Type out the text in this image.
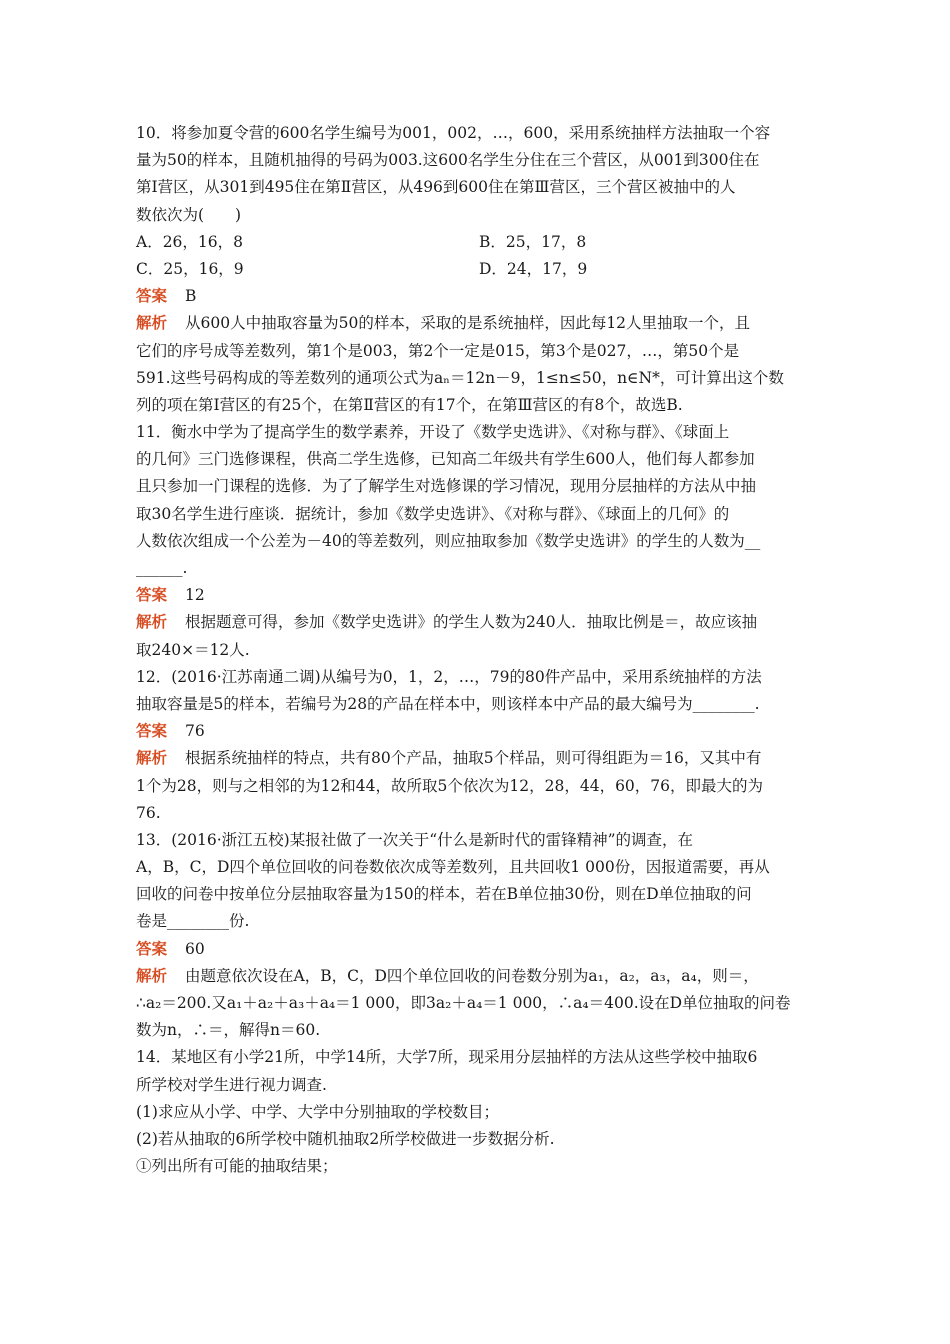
10．将参加夏令营的600名学生编号为001，002，…，600，采用系统抽样方法抽取一个容
量为50的样本，且随机抽得的号码为003.这600名学生分住在三个营区，从001到300住在
第Ⅰ营区，从301到495住在第Ⅱ营区，从496到600住在第Ⅲ营区，三个营区被抽中的人
数依次为(　　)
A．26，16，8	B．25，17，8
C．25，16，9	D．24，17，9
答案 B
解析 从600人中抽取容量为50的样本，采取的是系统抽样，因此每12人里抽取一个，且
它们的序号成等差数列，第1个是003，第2个一定是015，第3个是027，…，第50个是
591.这些号码构成的等差数列的通项公式为aₙ＝12n－9，1≤n≤50，n∈N*，可计算出这个数
列的项在第Ⅰ营区的有25个，在第Ⅱ营区的有17个，在第Ⅲ营区的有8个，故选B.
11．衡水中学为了提高学生的数学素养，开设了《数学史选讲》、《对称与群》、《球面上
的几何》三门选修课程，供高二学生选修，已知高二年级共有学生600人，他们每人都参加
且只参加一门课程的选修．为了了解学生对选修课的学习情况，现用分层抽样的方法从中抽
取30名学生进行座谈．据统计，参加《数学史选讲》、《对称与群》、《球面上的几何》的
人数依次组成一个公差为－40的等差数列，则应抽取参加《数学史选讲》的学生的人数为__
______.
答案 12
解析 根据题意可得，参加《数学史选讲》的学生人数为240人．抽取比例是＝，故应该抽
取240×＝12人.
12．(2016·江苏南通二调)从编号为0，1，2，…，79的80件产品中，采用系统抽样的方法
抽取容量是5的样本，若编号为28的产品在样本中，则该样本中产品的最大编号为________.
答案 76
解析 根据系统抽样的特点，共有80个产品，抽取5个样品，则可得组距为＝16，又其中有
1个为28，则与之相邻的为12和44，故所取5个依次为12，28，44，60，76，即最大的为
76.
13．(2016·浙江五校)某报社做了一次关于“什么是新时代的雷锋精神”的调查，在
A，B，C，D四个单位回收的问卷数依次成等差数列，且共回收1 000份，因报道需要，再从
回收的问卷中按单位分层抽取容量为150的样本，若在B单位抽30份，则在D单位抽取的问
卷是________份.
答案 60
解析 由题意依次设在A，B，C，D四个单位回收的问卷数分别为a₁，a₂，a₃，a₄，则＝，
∴a₂＝200.又a₁＋a₂＋a₃＋a₄＝1 000，即3a₂＋a₄＝1 000，∴a₄＝400.设在D单位抽取的问卷
数为n，∴＝，解得n＝60.
14．某地区有小学21所，中学14所，大学7所，现采用分层抽样的方法从这些学校中抽取6
所学校对学生进行视力调查.
(1)求应从小学、中学、大学中分别抽取的学校数目；
(2)若从抽取的6所学校中随机抽取2所学校做进一步数据分析.
①列出所有可能的抽取结果；
